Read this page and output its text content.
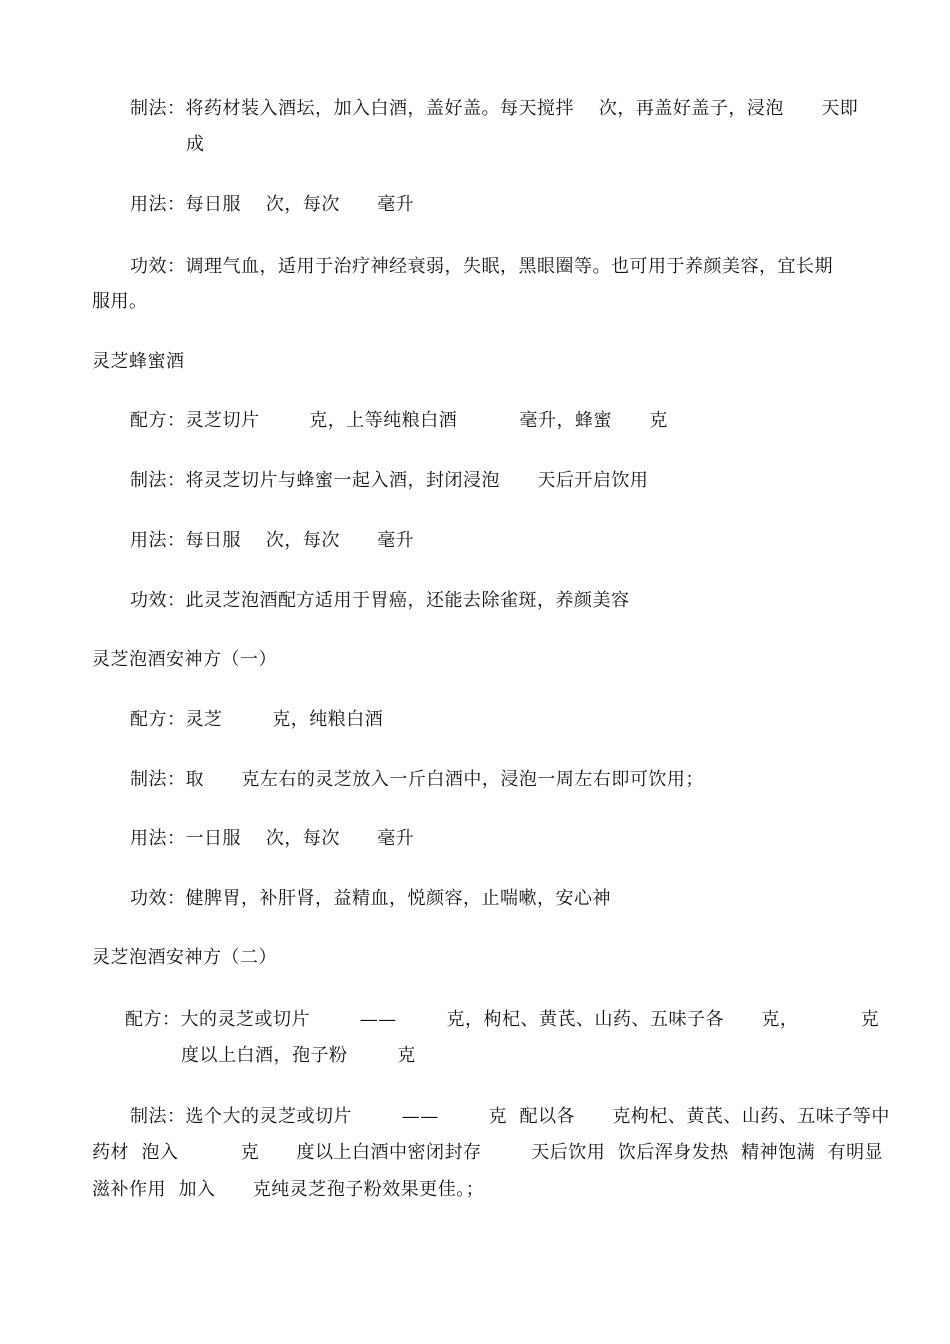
制法：将药材装入酒坛，加入白酒，盖好盖。每天搅拌    次，再盖好盖子，浸泡      天即
成
用法：每日服    次，每次      毫升
功效：调理气血，适用于治疗神经衰弱，失眠，黑眼圈等。也可用于养颜美容，宜长期
服用。
灵芝蜂蜜酒
配方：灵芝切片        克，上等纯粮白酒          毫升，蜂蜜      克
制法：将灵芝切片与蜂蜜一起入酒，封闭浸泡      天后开启饮用
用法：每日服    次，每次      毫升
功效：此灵芝泡酒配方适用于胃癌，还能去除雀斑，养颜美容
灵芝泡酒安神方（一）
配方：灵芝        克，纯粮白酒
制法：取      克左右的灵芝放入一斤白酒中，浸泡一周左右即可饮用；
用法：一日服    次，每次      毫升
功效：健脾胃，补肝肾，益精血，悦颜容，止喘嗽，安心神
灵芝泡酒安神方（二）
配方：大的灵芝或切片        ——        克，枸杞、黄芪、山药、五味子各      克，          克
度以上白酒，孢子粉        克
制法：选个大的灵芝或切片        ——        克  配以各      克枸杞、黄芪、山药、五味子等中
药材  泡入          克      度以上白酒中密闭封存        天后饮用  饮后浑身发热  精神饱满  有明显
滋补作用  加入      克纯灵芝孢子粉效果更佳。；
